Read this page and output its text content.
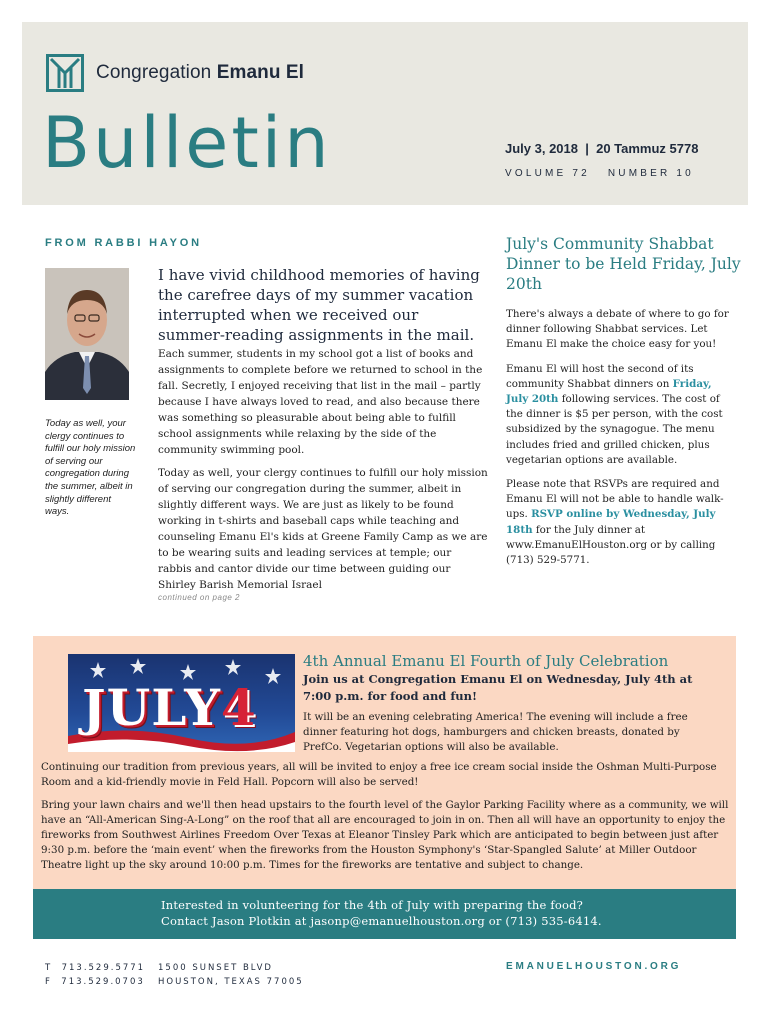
Congregation Emanu El
Bulletin	July 3, 2018  |  20 Tammuz 5778
VOLUME 72   NUMBER 10
FROM RABBI HAYON
Today as well, your clergy continues to fulfill our holy mission of serving our congregation during the summer, albeit in slightly different ways.
I have vivid childhood memories of having the carefree days of my summer vacation interrupted when we received our summer-reading assignments in the mail.

Each summer, students in my school got a list of books and assignments to complete before we returned to school in the fall. Secretly, I enjoyed receiving that list in the mail – partly because I have always loved to read, and also because there was something so pleasurable about being able to fulfill school assignments while relaxing by the side of the community swimming pool.

Today as well, your clergy continues to fulfill our holy mission of serving our congregation during the summer, albeit in slightly different ways. We are just as likely to be found working in t-shirts and baseball caps while teaching and counseling Emanu El's kids at Greene Family Camp as we are to be wearing suits and leading services at temple; our rabbis and cantor divide our time between guiding our Shirley Barish Memorial Israel

continued on page 2
July's Community Shabbat Dinner to be Held Friday, July 20th

There's always a debate of where to go for dinner following Shabbat services. Let Emanu El make the choice easy for you!

Emanu El will host the second of its community Shabbat dinners on Friday, July 20th following services. The cost of the dinner is $5 per person, with the cost subsidized by the synagogue. The menu includes fried and grilled chicken, plus vegetarian options are available.

Please note that RSVPs are required and Emanu El will not be able to handle walk-ups. RSVP online by Wednesday, July 18th for the July dinner at www.EmanuElHouston.org or by calling (713) 529-5771.

JULY4
4th Annual Emanu El Fourth of July Celebration
Join us at Congregation Emanu El on Wednesday, July 4th at 7:00 p.m. for food and fun!
It will be an evening celebrating America! The evening will include a free dinner featuring hot dogs, hamburgers and chicken breasts, donated by PrefCo. Vegetarian options will also be available.
Continuing our tradition from previous years, all will be invited to enjoy a free ice cream social inside the Oshman Multi-Purpose Room and a kid-friendly movie in Feld Hall. Popcorn will also be served!
Bring your lawn chairs and we'll then head upstairs to the fourth level of the Gaylor Parking Facility where as a community, we will have an “All-American Sing-A-Long” on the roof that all are encouraged to join in on. Then all will have an opportunity to enjoy the fireworks from Southwest Airlines Freedom Over Texas at Eleanor Tinsley Park which are anticipated to begin between just after 9:30 p.m. before the ‘main event’ when the fireworks from the Houston Symphony's ‘Star-Spangled Salute’ at Miller Outdoor Theatre light up the sky around 10:00 p.m. Times for the fireworks are tentative and subject to change.
Interested in volunteering for the 4th of July with preparing the food?
Contact Jason Plotkin at jasonp@emanuelhouston.org or (713) 535-6414.
T  713.529.5771
F  713.529.0703
1500 SUNSET BLVD
HOUSTON, TEXAS 77005
EMANUELHOUSTON.ORG
